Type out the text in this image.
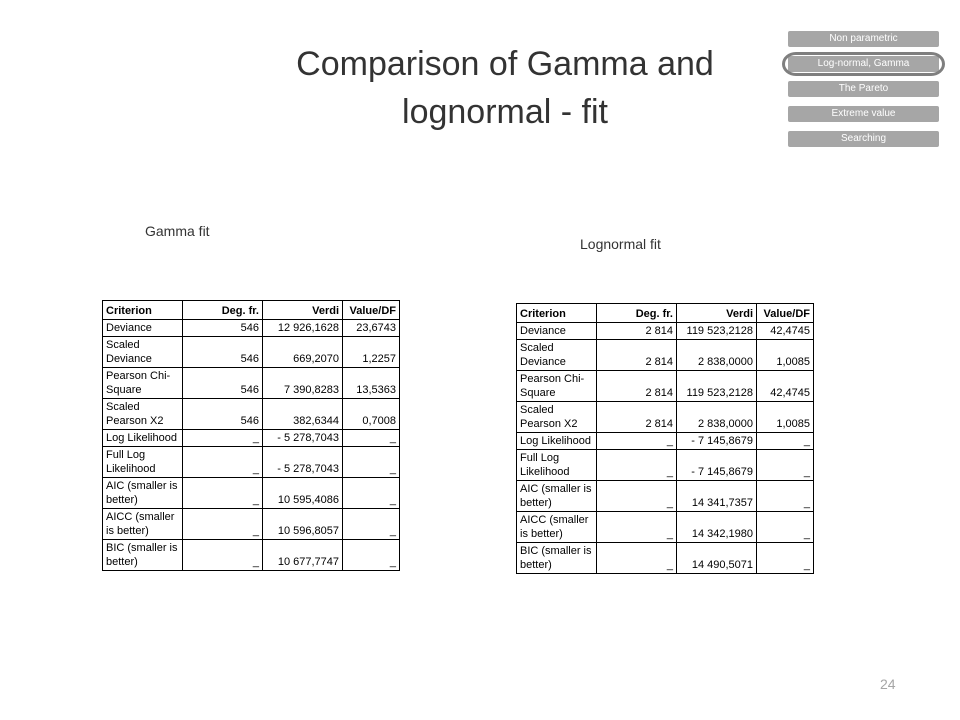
Comparison of Gamma and lognormal - fit
Non parametric
Log-normal, Gamma
The Pareto
Extreme value
Searching
Gamma fit
Lognormal fit
Criterion	Deg. fr.	Verdi	Value/DF
Deviance	546	12 926,1628	23,6743
Scaled Deviance	546	669,2070	1,2257
Pearson Chi-Square	546	7 390,8283	13,5363
Scaled Pearson X2	546	382,6344	0,7008
Log Likelihood	_	- 5 278,7043	_
Full Log Likelihood	_	- 5 278,7043	_
AIC (smaller is better)	_	10 595,4086	_
AICC (smaller is better)	_	10 596,8057	_
BIC (smaller is better)	_	10 677,7747	_
Criterion	Deg. fr.	Verdi	Value/DF
Deviance	2 814	119 523,2128	42,4745
Scaled Deviance	2 814	2 838,0000	1,0085
Pearson Chi-Square	2 814	119 523,2128	42,4745
Scaled Pearson X2	2 814	2 838,0000	1,0085
Log Likelihood	_	- 7 145,8679	_
Full Log Likelihood	_	- 7 145,8679	_
AIC (smaller is better)	_	14 341,7357	_
AICC (smaller is better)	_	14 342,1980	_
BIC (smaller is better)	_	14 490,5071	_
24
